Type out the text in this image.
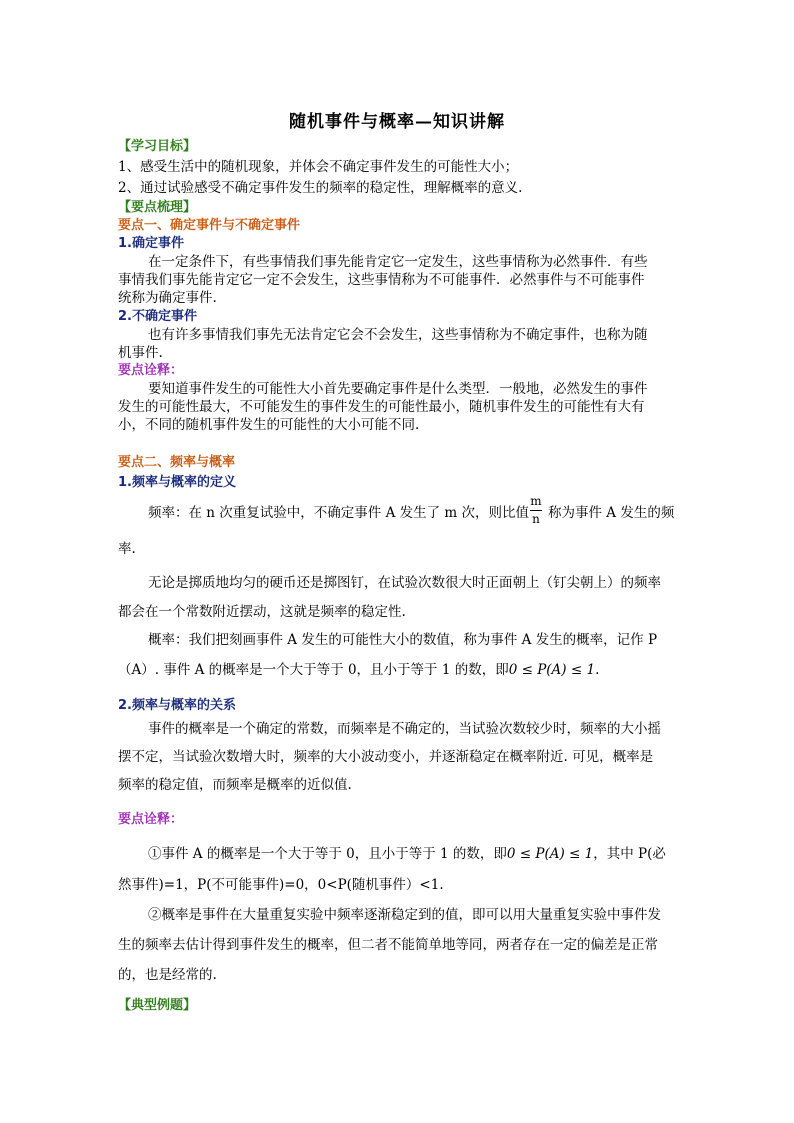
随机事件与概率—知识讲解
【学习目标】
1、感受生活中的随机现象，并体会不确定事件发生的可能性大小；
2、通过试验感受不确定事件发生的频率的稳定性，理解概率的意义.
【要点梳理】
要点一、确定事件与不确定事件
1.确定事件
在一定条件下，有些事情我们事先能肯定它一定发生，这些事情称为必然事件．有些
事情我们事先能肯定它一定不会发生，这些事情称为不可能事件．必然事件与不可能事件
统称为确定事件.
2.不确定事件
也有许多事情我们事先无法肯定它会不会发生，这些事情称为不确定事件，也称为随
机事件.
要点诠释：
要知道事件发生的可能性大小首先要确定事件是什么类型．一般地，必然发生的事件
发生的可能性最大，不可能发生的事件发生的可能性最小，随机事件发生的可能性有大有
小，不同的随机事件发生的可能性的大小可能不同.
要点二、频率与概率
1.频率与概率的定义
频率：在 n 次重复试验中，不确定事件 A 发生了 m 次，则比值
m
n 称为事件 A 发生的频
率.
无论是掷质地均匀的硬币还是掷图钉，在试验次数很大时正面朝上（钉尖朝上）的频率
都会在一个常数附近摆动，这就是频率的稳定性.
概率：我们把刻画事件 A 发生的可能性大小的数值，称为事件 A 发生的概率，记作 P
（A）. 事件 A 的概率是一个大于等于 0，且小于等于 1 的数，即0 ≤ P(A) ≤ 1.
2.频率与概率的关系
事件的概率是一个确定的常数，而频率是不确定的，当试验次数较少时，频率的大小摇
摆不定，当试验次数增大时，频率的大小波动变小，并逐渐稳定在概率附近. 可见，概率是
频率的稳定值，而频率是概率的近似值.
要点诠释：
①事件 A 的概率是一个大于等于 0，且小于等于 1 的数，即0 ≤ P(A) ≤ 1，其中 P(必
然事件)=1，P(不可能事件)=0，0<P(随机事件）<1.
②概率是事件在大量重复实验中频率逐渐稳定到的值，即可以用大量重复实验中事件发
生的频率去估计得到事件发生的概率，但二者不能简单地等同，两者存在一定的偏差是正常
的，也是经常的.
【典型例题】
